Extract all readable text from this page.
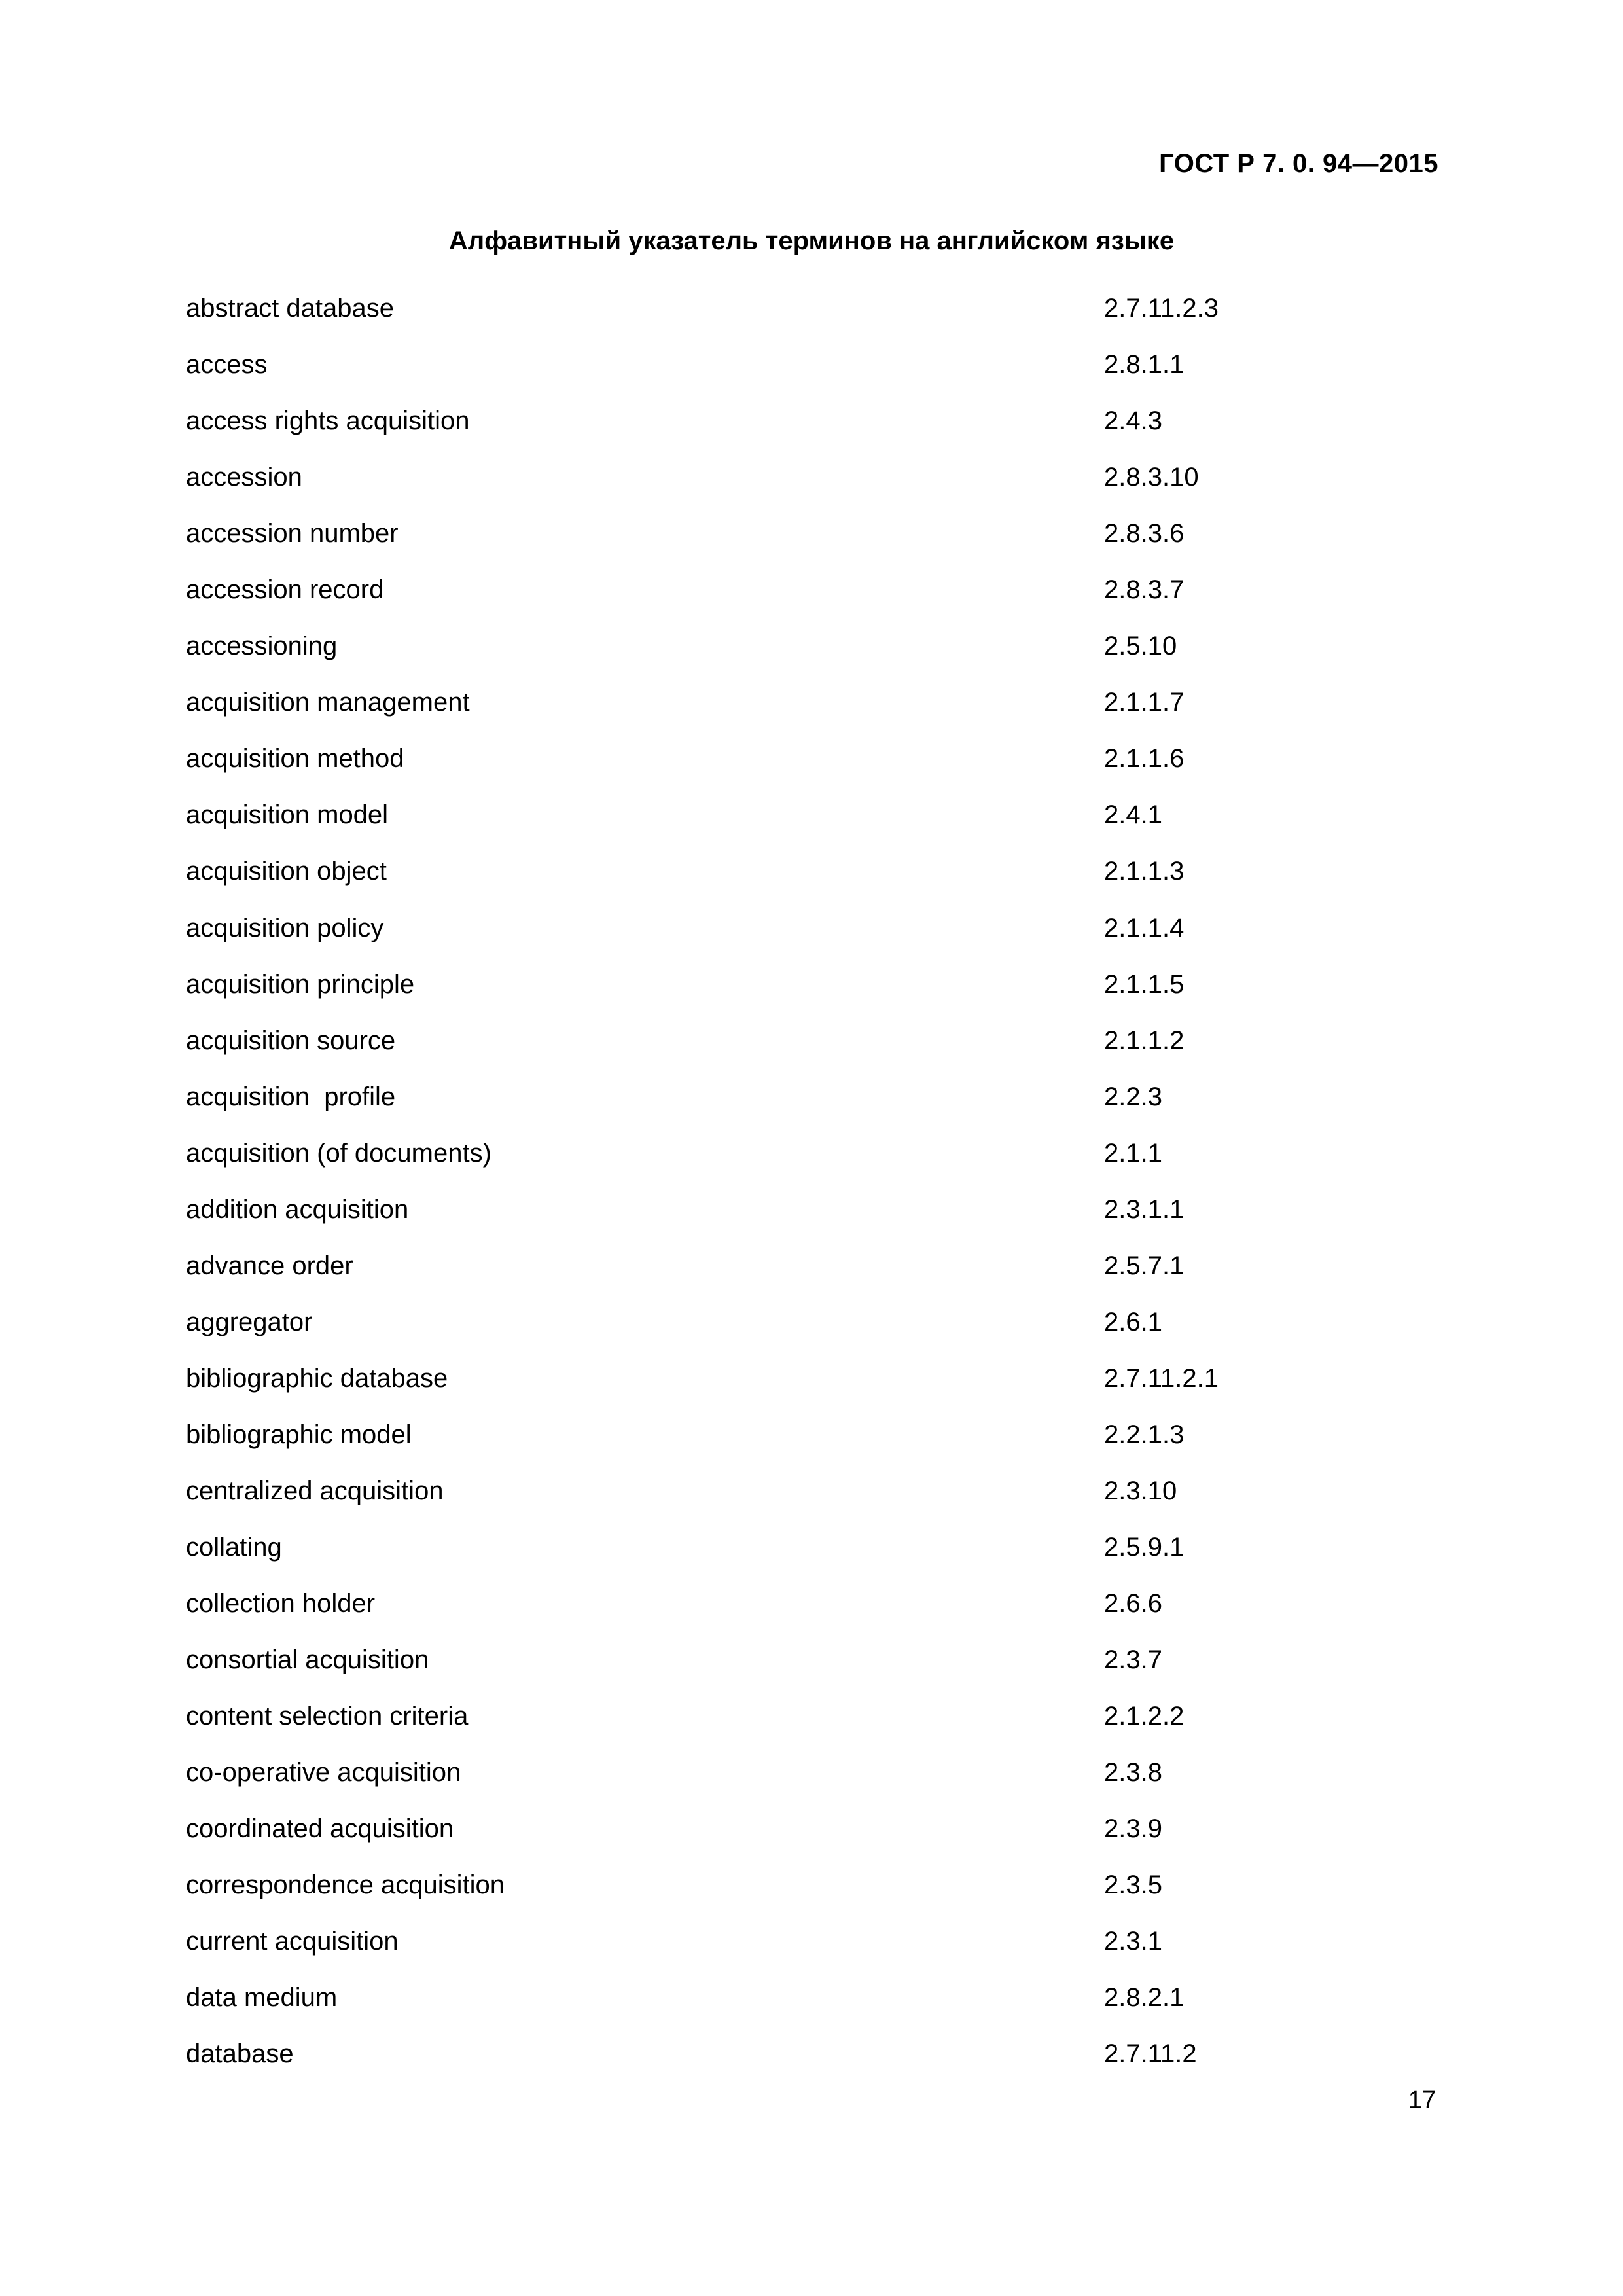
ГОСТ Р 7. 0. 94—2015
Алфавитный указатель терминов на английском языке
abstract database	2.7.11.2.3
access	2.8.1.1
access rights acquisition	2.4.3
accession	2.8.3.10
accession number	2.8.3.6
accession record	2.8.3.7
accessioning	2.5.10
acquisition management	2.1.1.7
acquisition method	2.1.1.6
acquisition model	2.4.1
acquisition object	2.1.1.3
acquisition policy	2.1.1.4
acquisition principle	2.1.1.5
acquisition source	2.1.1.2
acquisition  profile	2.2.3
acquisition (of documents)	2.1.1
addition acquisition	2.3.1.1
advance order	2.5.7.1
aggregator	2.6.1
bibliographic database	2.7.11.2.1
bibliographic model	2.2.1.3
centralized acquisition	2.3.10
collating	2.5.9.1
collection holder	2.6.6
consortial acquisition	2.3.7
content selection criteria	2.1.2.2
co-operative acquisition	2.3.8
coordinated acquisition	2.3.9
correspondence acquisition	2.3.5
current acquisition	2.3.1
data medium	2.8.2.1
database	2.7.11.2
17
